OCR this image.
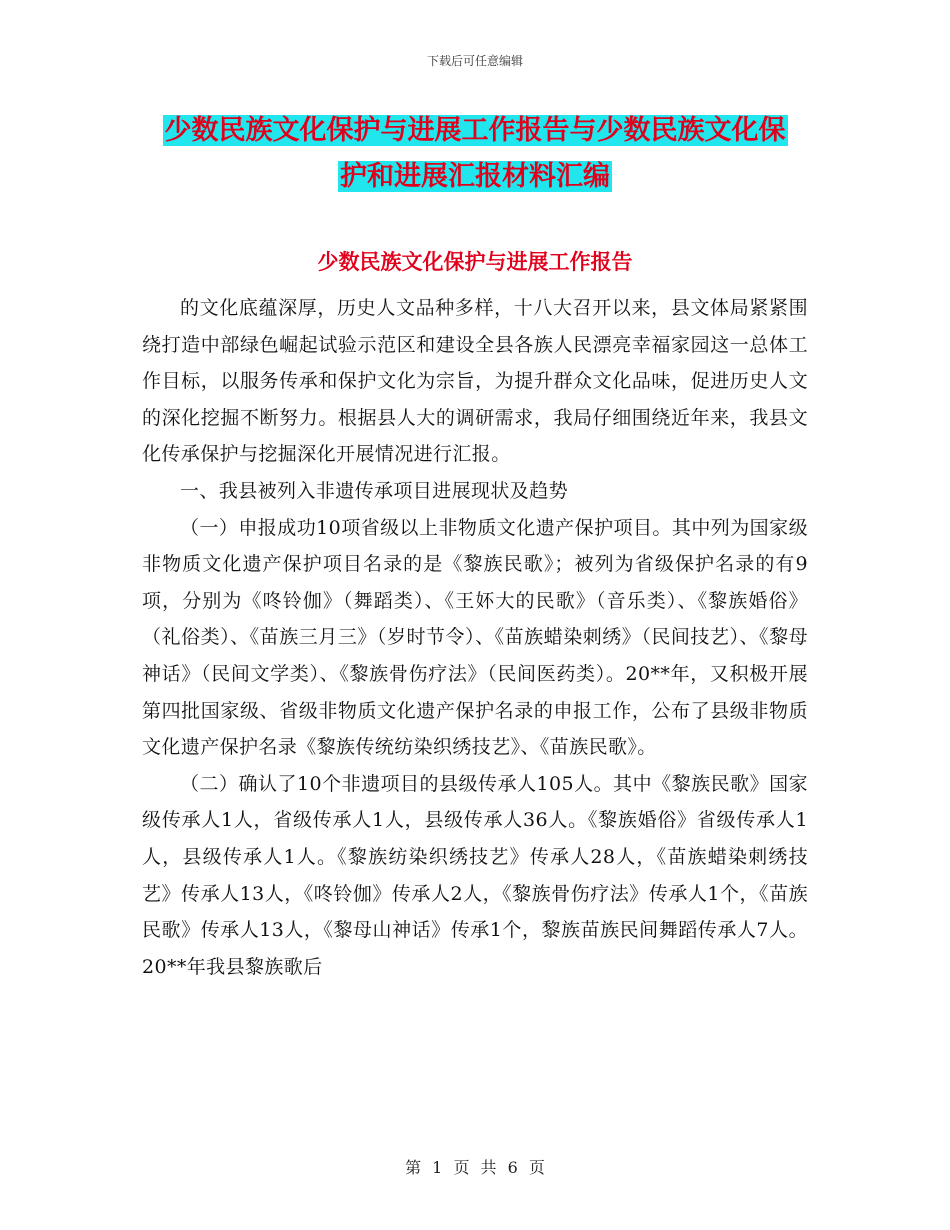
下载后可任意编辑
少数民族文化保护与进展工作报告与少数民族文化保
护和进展汇报材料汇编
少数民族文化保护与进展工作报告

的文化底蕴深厚，历史人文品种多样，十八大召开以来，县文体局紧紧围绕打造中部绿色崛起试验示范区和建设全县各族人民漂亮幸福家园这一总体工作目标，以服务传承和保护文化为宗旨，为提升群众文化品味，促进历史人文的深化挖掘不断努力。根据县人大的调研需求，我局仔细围绕近年来，我县文化传承保护与挖掘深化开展情况进行汇报。

一、我县被列入非遗传承项目进展现状及趋势

（一）申报成功10项省级以上非物质文化遗产保护项目。其中列为国家级非物质文化遗产保护项目名录的是《黎族民歌》；被列为省级保护名录的有9项，分别为《咚铃伽》（舞蹈类）、《王妚大的民歌》（音乐类）、《黎族婚俗》（礼俗类）、《苗族三月三》（岁时节令）、《苗族蜡染刺绣》（民间技艺）、《黎母神话》（民间文学类）、《黎族骨伤疗法》（民间医药类）。20**年，又积极开展第四批国家级、省级非物质文化遗产保护名录的申报工作，公布了县级非物质文化遗产保护名录《黎族传统纺染织绣技艺》、《苗族民歌》。

（二）确认了10个非遗项目的县级传承人105人。其中《黎族民歌》国家级传承人1人，省级传承人1人，县级传承人36人。《黎族婚俗》省级传承人1人，县级传承人1人。《黎族纺染织绣技艺》传承人28人，《苗族蜡染刺绣技艺》传承人13人，《咚铃伽》传承人2人，《黎族骨伤疗法》传承人1个，《苗族民歌》传承人13人，《黎母山神话》传承1个，黎族苗族民间舞蹈传承人7人。20**年我县黎族歌后

第 1 页 共 6 页
